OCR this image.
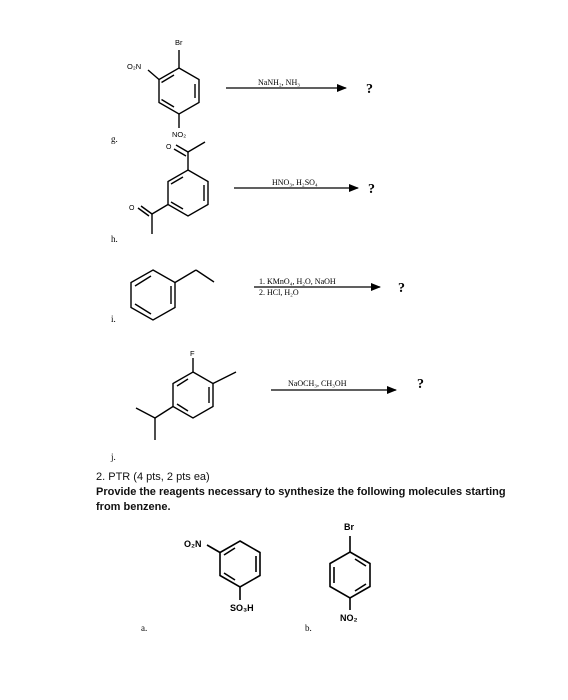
Br
O₂N
NO₂
NaNH₂, NH₃	?
g.
O
O
HNO₃, H₂SO₄	?
h.
1. KMnO₄, H₂O, NaOH
2. HCl, H₂O	?
i.
F
NaOCH₃, CH₃OH	?
j.
O₂N
SO₃H
a.
Br
NO₂
b.
2. PTR (4 pts, 2 pts ea)
Provide the reagents necessary to synthesize the following molecules starting from benzene.
